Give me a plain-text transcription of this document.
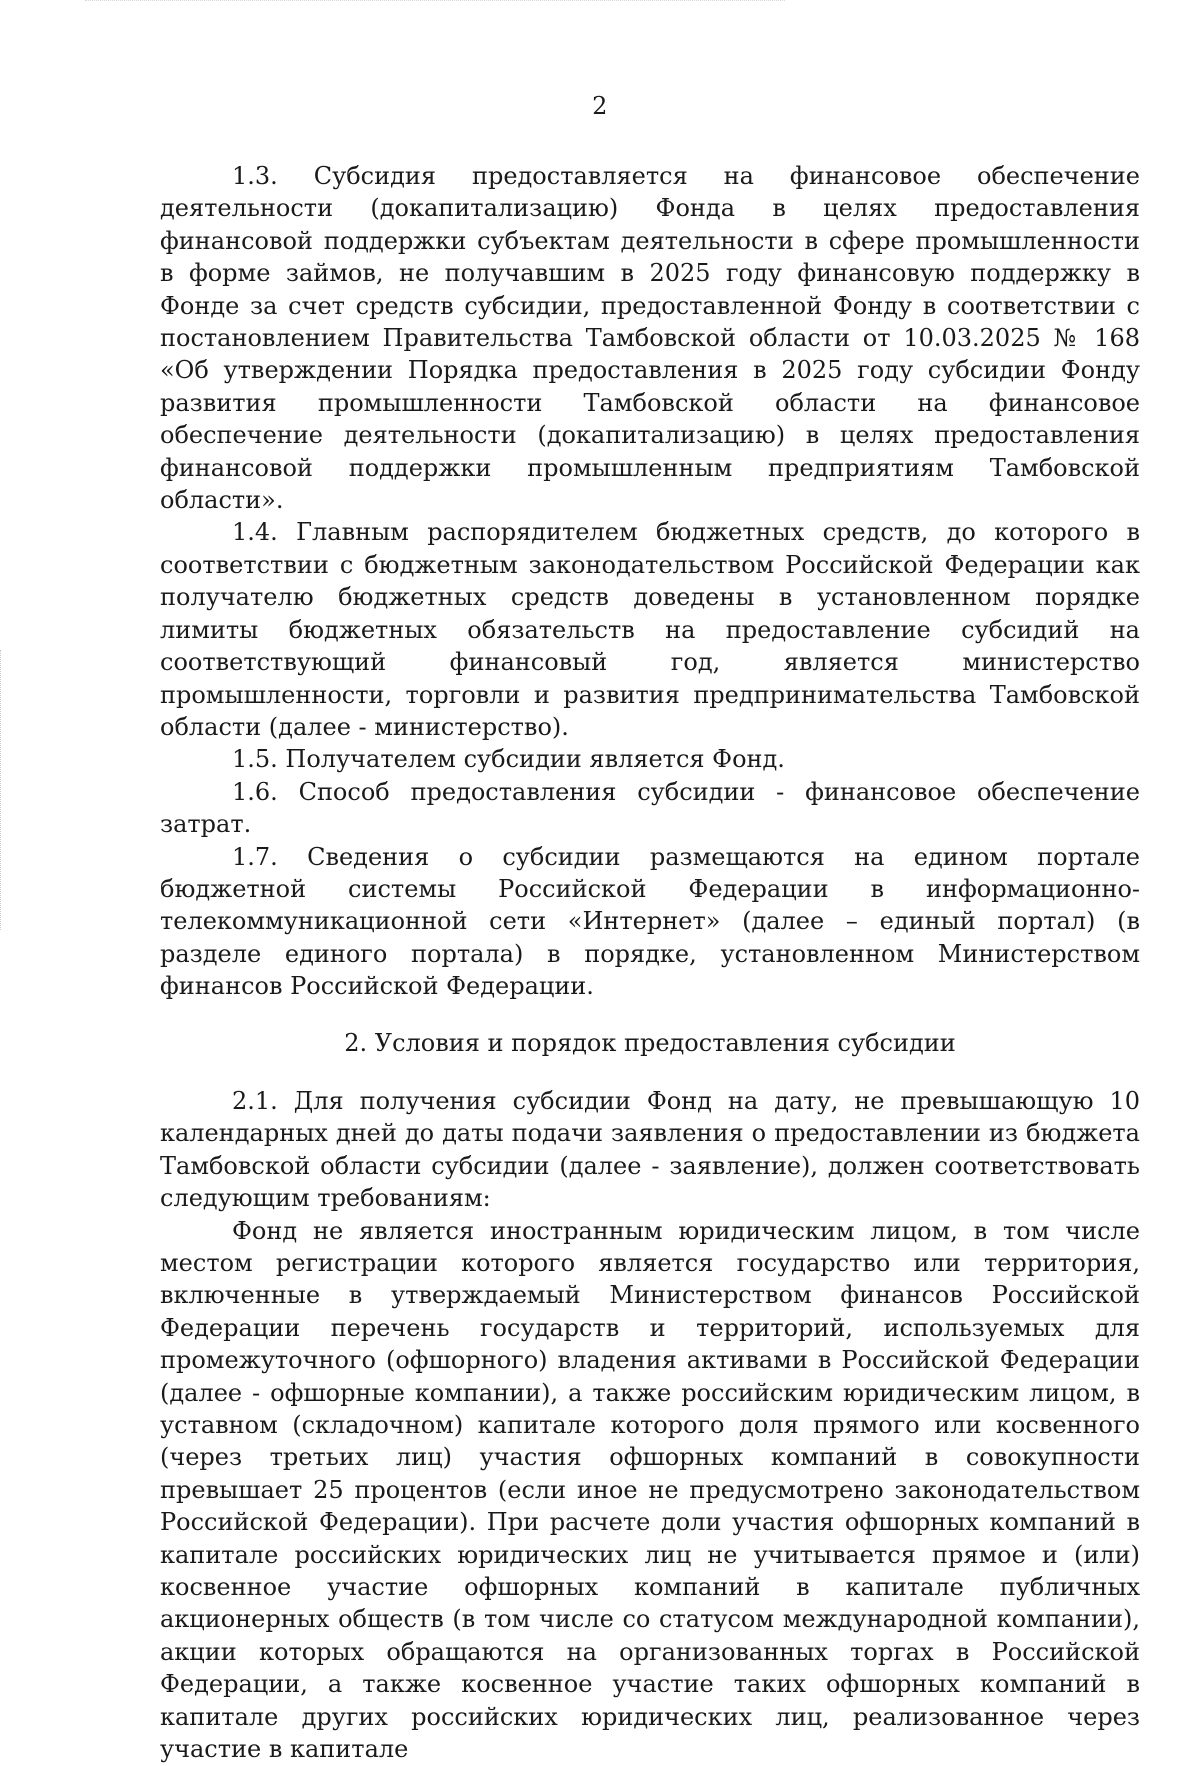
2

1.3. Субсидия предоставляется на финансовое обеспечение деятельности (докапитализацию) Фонда в целях предоставления финансовой поддержки субъектам деятельности в сфере промышленности в форме займов, не получавшим в 2025 году финансовую поддержку в Фонде за счет средств субсидии, предоставленной Фонду в соответствии с постановлением Правительства Тамбовской области от 10.03.2025 № 168 «Об утверждении Порядка предоставления в 2025 году субсидии Фонду развития промышленности Тамбовской области на финансовое обеспечение деятельности (докапитализацию) в целях предоставления финансовой поддержки промышленным предприятиям Тамбовской области».

1.4. Главным распорядителем бюджетных средств, до которого в соответствии с бюджетным законодательством Российской Федерации как получателю бюджетных средств доведены в установленном порядке лимиты бюджетных обязательств на предоставление субсидий на соответствующий финансовый год, является министерство промышленности, торговли и развития предпринимательства Тамбовской области (далее - министерство).

1.5. Получателем субсидии является Фонд.

1.6. Способ предоставления субсидии - финансовое обеспечение затрат.

1.7. Сведения о субсидии размещаются на едином портале бюджетной системы Российской Федерации в информационно-телекоммуникационной сети «Интернет» (далее – единый портал) (в разделе единого портала) в порядке, установленном Министерством финансов Российской Федерации.

2. Условия и порядок предоставления субсидии

2.1. Для получения субсидии Фонд на дату, не превышающую 10 календарных дней до даты подачи заявления о предоставлении из бюджета Тамбовской области субсидии (далее - заявление), должен соответствовать следующим требованиям:

Фонд не является иностранным юридическим лицом, в том числе местом регистрации которого является государство или территория, включенные в утверждаемый Министерством финансов Российской Федерации перечень государств и территорий, используемых для промежуточного (офшорного) владения активами в Российской Федерации (далее - офшорные компании), а также российским юридическим лицом, в уставном (складочном) капитале которого доля прямого или косвенного (через третьих лиц) участия офшорных компаний в совокупности превышает 25 процентов (если иное не предусмотрено законодательством Российской Федерации). При расчете доли участия офшорных компаний в капитале российских юридических лиц не учитывается прямое и (или) косвенное участие офшорных компаний в капитале публичных акционерных обществ (в том числе со статусом международной компании), акции которых обращаются на организованных торгах в Российской Федерации, а также косвенное участие таких офшорных компаний в капитале других российских юридических лиц, реализованное через участие в капитале
